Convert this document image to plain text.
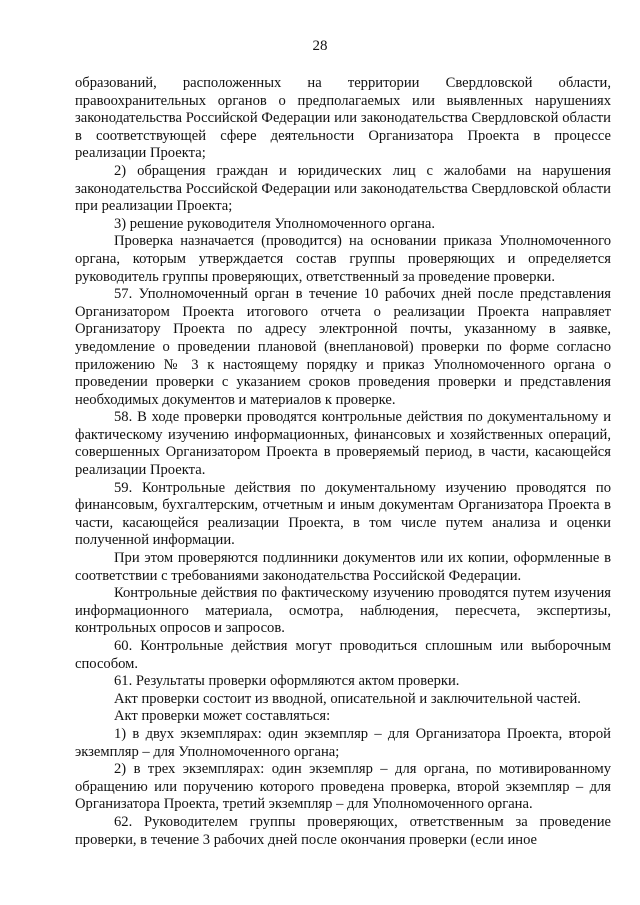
28

образований, расположенных на территории Свердловской области, правоохранительных органов о предполагаемых или выявленных нарушениях законодательства Российской Федерации или законодательства Свердловской области в соответствующей сфере деятельности Организатора Проекта в процессе реализации Проекта;

2) обращения граждан и юридических лиц с жалобами на нарушения законодательства Российской Федерации или законодательства Свердловской области при реализации Проекта;

3) решение руководителя Уполномоченного органа.

Проверка назначается (проводится) на основании приказа Уполномоченного органа, которым утверждается состав группы проверяющих и определяется руководитель группы проверяющих, ответственный за проведение проверки.

57. Уполномоченный орган в течение 10 рабочих дней после представления Организатором Проекта итогового отчета о реализации Проекта направляет Организатору Проекта по адресу электронной почты, указанному в заявке, уведомление о проведении плановой (внеплановой) проверки по форме согласно приложению № 3 к настоящему порядку и приказ Уполномоченного органа о проведении проверки с указанием сроков проведения проверки и представления необходимых документов и материалов к проверке.

58. В ходе проверки проводятся контрольные действия по документальному и фактическому изучению информационных, финансовых и хозяйственных операций, совершенных Организатором Проекта в проверяемый период, в части, касающейся реализации Проекта.

59. Контрольные действия по документальному изучению проводятся по финансовым, бухгалтерским, отчетным и иным документам Организатора Проекта в части, касающейся реализации Проекта, в том числе путем анализа и оценки полученной информации.

При этом проверяются подлинники документов или их копии, оформленные в соответствии с требованиями законодательства Российской Федерации.

Контрольные действия по фактическому изучению проводятся путем изучения информационного материала, осмотра, наблюдения, пересчета, экспертизы, контрольных опросов и запросов.

60. Контрольные действия могут проводиться сплошным или выборочным способом.

61. Результаты проверки оформляются актом проверки.

Акт проверки состоит из вводной, описательной и заключительной частей.

Акт проверки может составляться:

1) в двух экземплярах: один экземпляр – для Организатора Проекта, второй экземпляр – для Уполномоченного органа;

2) в трех экземплярах: один экземпляр – для органа, по мотивированному обращению или поручению которого проведена проверка, второй экземпляр – для Организатора Проекта, третий экземпляр – для Уполномоченного органа.

62. Руководителем группы проверяющих, ответственным за проведение проверки, в течение 3 рабочих дней после окончания проверки (если иное
